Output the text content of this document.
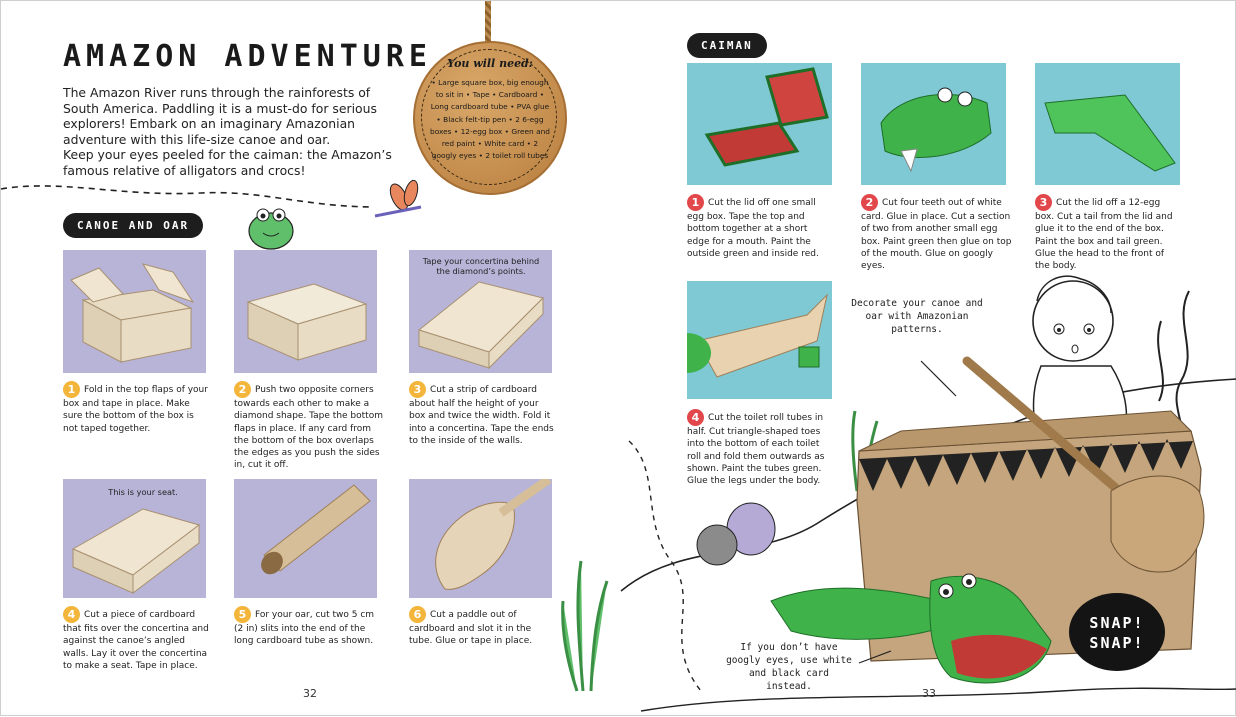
AMAZON ADVENTURE

The Amazon River runs through the rainforests of South America. Paddling it is a must-do for serious explorers! Embark on an imaginary Amazonian adventure with this life-size canoe and oar.

Keep your eyes peeled for the caiman: the Amazon’s famous relative of alligators and crocs!

You will need:
• Large square box, big enough to sit in • Tape • Cardboard • Long cardboard tube • PVA glue • Black felt-tip pen • 2 6-egg boxes • 12-egg box • Green and red paint • White card • 2 googly eyes • 2 toilet roll tubes
CANOE AND OAR
Tape your concertina behind the diamond’s points.
1 Fold in the top flaps of your box and tape in place. Make sure the bottom of the box is not taped together.
2 Push two opposite corners towards each other to make a diamond shape. Tape the bottom flaps in place. If any card from the bottom of the box overlaps the edges as you push the sides in, cut it off.
3 Cut a strip of cardboard about half the height of your box and twice the width. Fold it into a concertina. Tape the ends to the inside of the walls.
This is your seat.
4 Cut a piece of cardboard that fits over the concertina and against the canoe’s angled walls. Lay it over the concertina to make a seat. Tape in place.
5 For your oar, cut two 5 cm (2 in) slits into the end of the long cardboard tube as shown.
6 Cut a paddle out of cardboard and slot it in the tube. Glue or tape in place.
32
CAIMAN
1 Cut the lid off one small egg box. Tape the top and bottom together at a short edge for a mouth. Paint the outside green and inside red.
2 Cut four teeth out of white card. Glue in place. Cut a section of two from another small egg box. Paint green then glue on top of the mouth. Glue on googly eyes.
3 Cut the lid off a 12-egg box. Cut a tail from the lid and glue it to the end of the box. Paint the box and tail green. Glue the head to the front of the body.
4 Cut the toilet roll tubes in half. Cut triangle-shaped toes into the bottom of each toilet roll and fold them outwards as shown. Paint the tubes green. Glue the legs under the body.
Decorate your canoe and oar with Amazonian patterns.
If you don’t have googly eyes, use white and black card instead.
SNAP!
SNAP!
33
